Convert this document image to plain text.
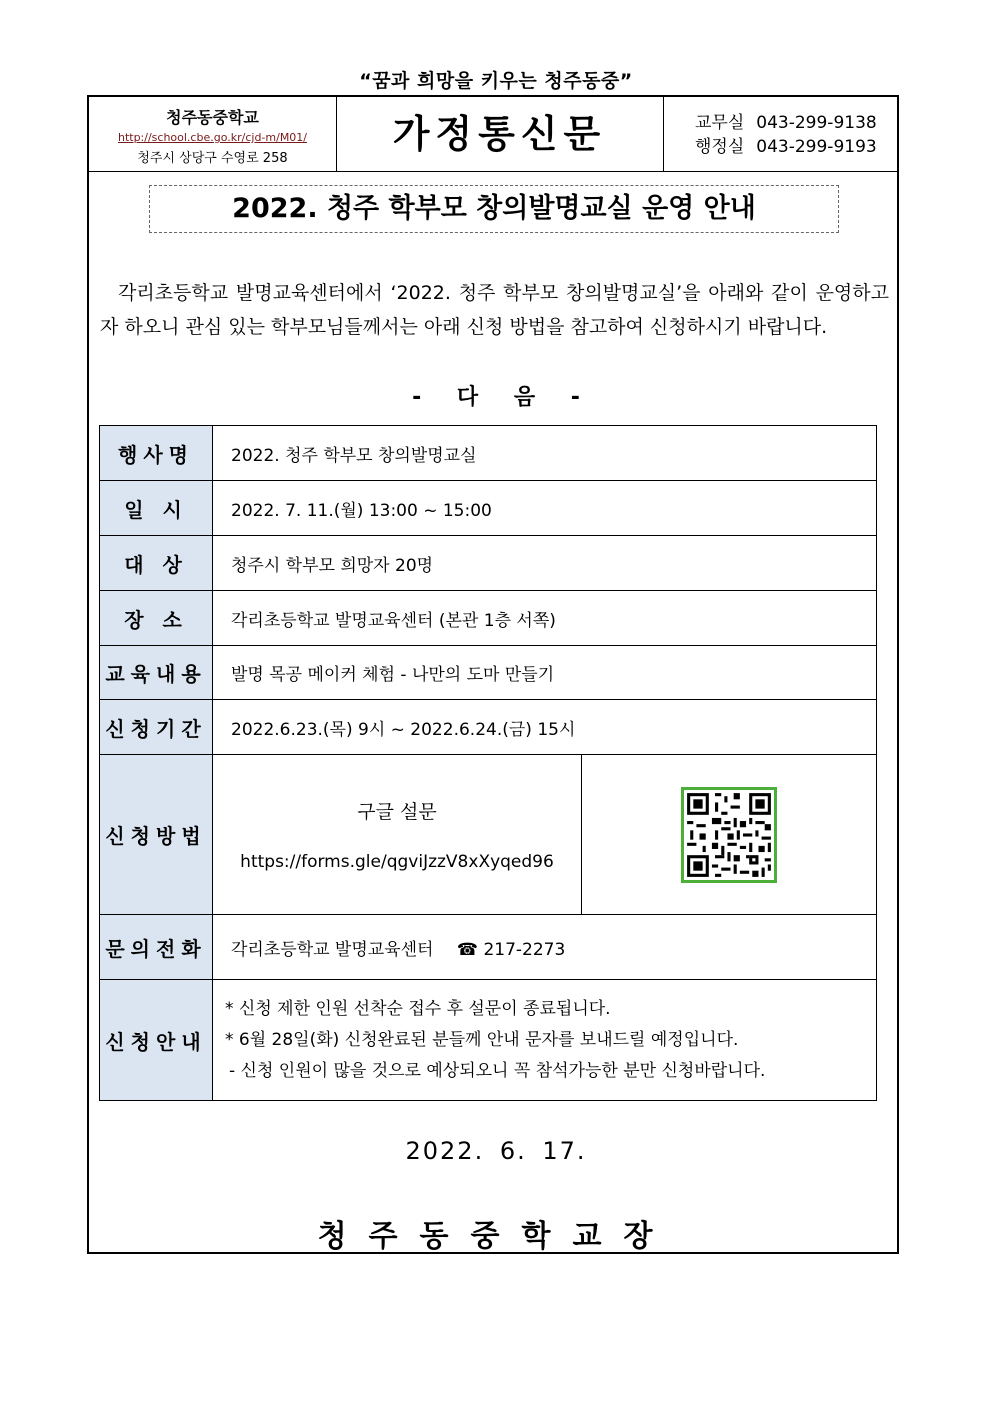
“꿈과 희망을 키우는 청주동중”
청주동중학교
http://school.cbe.go.kr/cjd-m/M01/
청주시 상당구 수영로 258
가정통신문	교무실 043-299-9138
행정실 043-299-9193
2022. 청주 학부모 창의발명교실 운영 안내
각리초등학교 발명교육센터에서 ‘2022. 청주 학부모 창의발명교실’을 아래와 같이 운영하고자 하오니 관심 있는 학부모님들께서는 아래 신청 방법을 참고하여 신청하시기 바랍니다.
- 다 음 -
행사명	2022. 청주 학부모 창의발명교실	
일 시	2022. 7. 11.(월) 13:00 ~ 15:00	
대 상	청주시 학부모 희망자 20명	
장 소	각리초등학교 발명교육센터 (본관 1층 서쪽)	
교육내용	발명 목공 메이커 체험 - 나만의 도마 만들기	
신청기간	2022.6.23.(목) 9시 ~ 2022.6.24.(금) 15시	
신청방법	구글 설문
https://forms.gle/qgviJzzV8xXyqed96

문의전화	각리초등학교 발명교육센터 ☎ 217-2273	
신청안내	* 신청 제한 인원 선착순 접수 후 설문이 종료됩니다.
* 6월 28일(화) 신청완료된 분들께 안내 문자를 보내드릴 예정입니다.
- 신청 인원이 많을 것으로 예상되오니 꼭 참석가능한 분만 신청바랍니다.	
2022. 6. 17.
청주동중학교장
